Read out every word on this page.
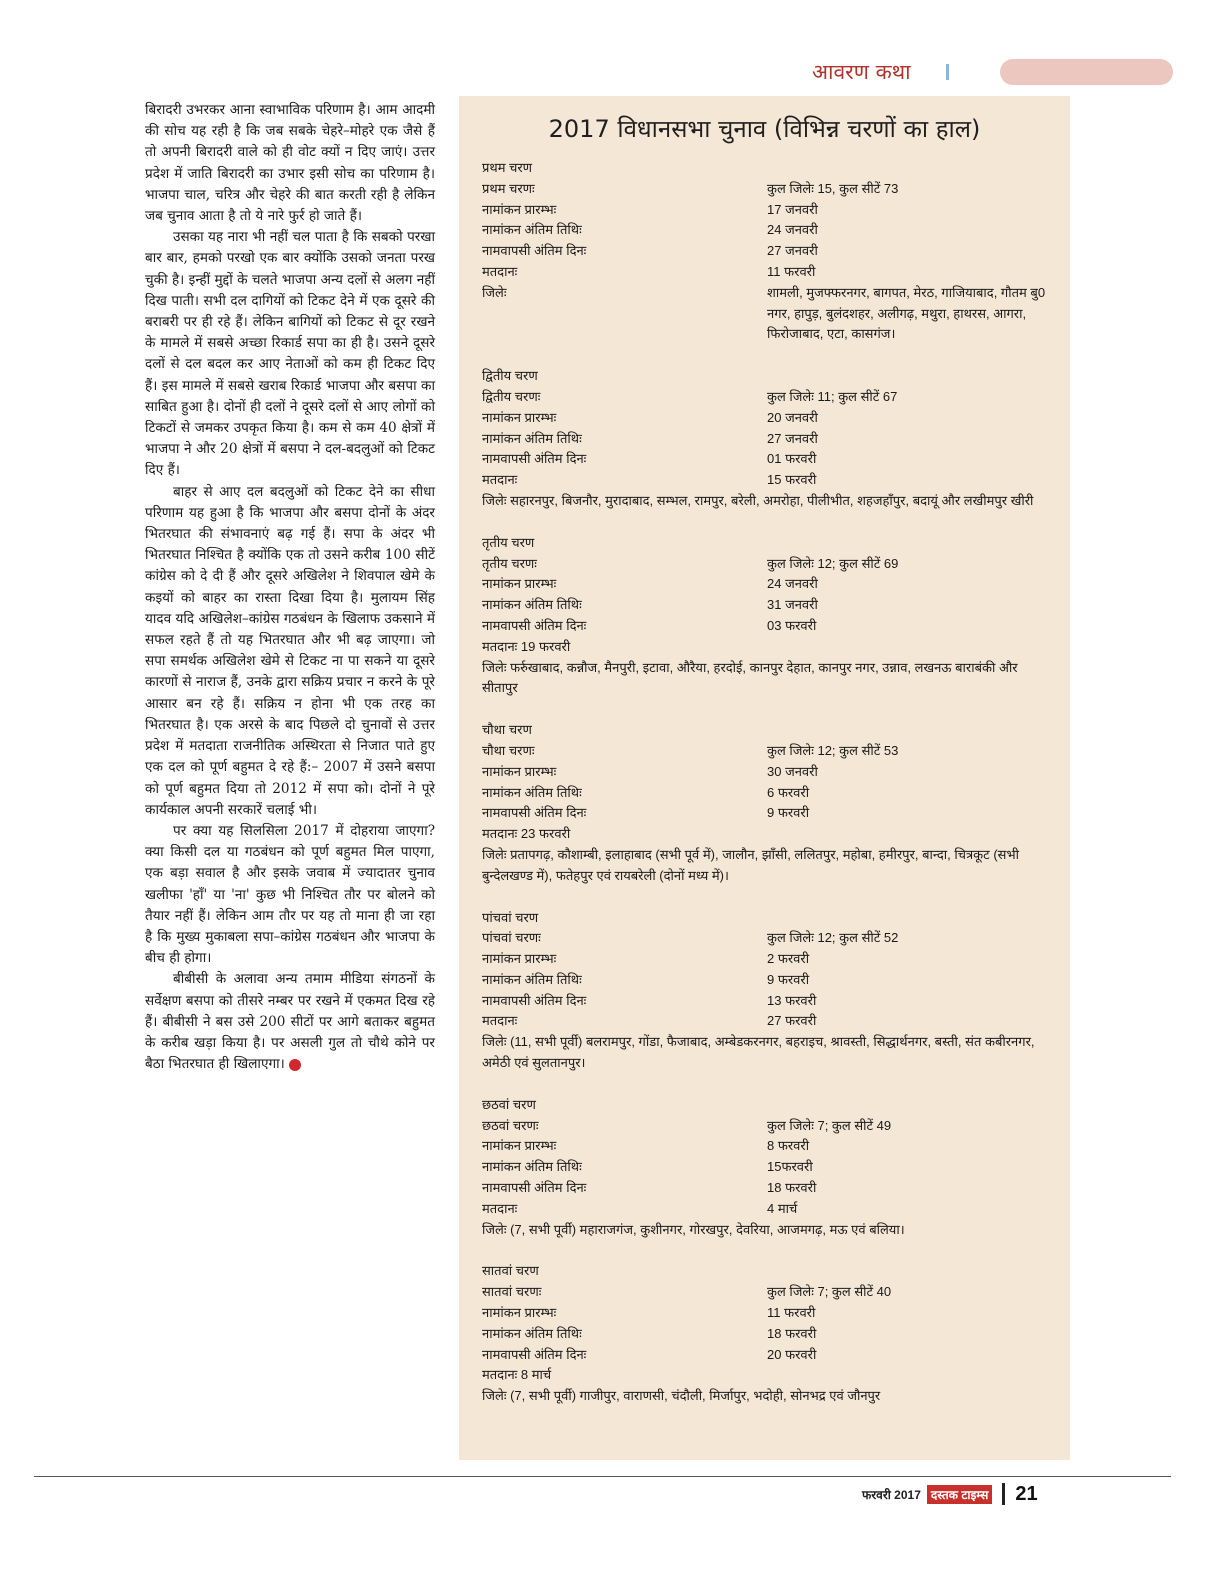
आवरण कथा

बिरादरी उभरकर आना स्वाभाविक परिणाम है। आम आदमी की सोच यह रही है कि जब सबके चेहरे–मोहरे एक जैसे हैं तो अपनी बिरादरी वाले को ही वोट क्यों न दिए जाएं। उत्तर प्रदेश में जाति बिरादरी का उभार इसी सोच का परिणाम है। भाजपा चाल, चरित्र और चेहरे की बात करती रही है लेकिन जब चुनाव आता है तो ये नारे फुर्र हो जाते हैं।

उसका यह नारा भी नहीं चल पाता है कि सबको परखा बार बार, हमको परखो एक बार क्योंकि उसको जनता परख चुकी है। इन्हीं मुद्दों के चलते भाजपा अन्य दलों से अलग नहीं दिख पाती। सभी दल दागियों को टिकट देने में एक दूसरे की बराबरी पर ही रहे हैं। लेकिन बागियों को टिकट से दूर रखने के मामले में सबसे अच्छा रिकार्ड सपा का ही है। उसने दूसरे दलों से दल बदल कर आए नेताओं को कम ही टिकट दिए हैं। इस मामले में सबसे खराब रिकार्ड भाजपा और बसपा का साबित हुआ है। दोनों ही दलों ने दूसरे दलों से आए लोगों को टिकटों से जमकर उपकृत किया है। कम से कम 40 क्षेत्रों में भाजपा ने और 20 क्षेत्रों में बसपा ने दल-बदलुओं को टिकट दिए हैं।

बाहर से आए दल बदलुओं को टिकट देने का सीधा परिणाम यह हुआ है कि भाजपा और बसपा दोनों के अंदर भितरघात की संभावनाएं बढ़ गई हैं। सपा के अंदर भी भितरघात निश्चित है क्योंकि एक तो उसने करीब 100 सीटें कांग्रेस को दे दी हैं और दूसरे अखिलेश ने शिवपाल खेमे के कइयों को बाहर का रास्ता दिखा दिया है। मुलायम सिंह यादव यदि अखिलेश–कांग्रेस गठबंधन के खिलाफ उकसाने में सफल रहते हैं तो यह भितरघात और भी बढ़ जाएगा। जो सपा समर्थक अखिलेश खेमे से टिकट ना पा सकने या दूसरे कारणों से नाराज हैं, उनके द्वारा सक्रिय प्रचार न करने के पूरे आसार बन रहे हैं। सक्रिय न होना भी एक तरह का भितरघात है। एक अरसे के बाद पिछले दो चुनावों से उत्तर प्रदेश में मतदाता राजनीतिक अस्थिरता से निजात पाते हुए एक दल को पूर्ण बहुमत दे रहे हैं:– 2007 में उसने बसपा को पूर्ण बहुमत दिया तो 2012 में सपा को। दोनों ने पूरे कार्यकाल अपनी सरकारें चलाई भी।

पर क्या यह सिलसिला 2017 में दोहराया जाएगा? क्या किसी दल या गठबंधन को पूर्ण बहुमत मिल पाएगा, एक बड़ा सवाल है और इसके जवाब में ज्यादातर चुनाव खलीफा 'हाँ' या 'ना' कुछ भी निश्चित तौर पर बोलने को तैयार नहीं हैं। लेकिन आम तौर पर यह तो माना ही जा रहा है कि मुख्य मुकाबला सपा–कांग्रेस गठबंधन और भाजपा के बीच ही होगा।

बीबीसी के अलावा अन्य तमाम मीडिया संगठनों के सर्वेक्षण बसपा को तीसरे नम्बर पर रखने में एकमत दिख रहे हैं। बीबीसी ने बस उसे 200 सीटों पर आगे बताकर बहुमत के करीब खड़ा किया है। पर असली गुल तो चौथे कोने पर बैठा भितरघात ही खिलाएगा।

2017 विधानसभा चुनाव (विभिन्न चरणों का हाल)
प्रथम चरण
प्रथम चरणः	कुल जिलेः 15, कुल सीटें 73
नामांकन प्रारम्भः	17 जनवरी
नामांकन अंतिम तिथिः	24 जनवरी
नामवापसी अंतिम दिनः	27 जनवरी
मतदानः	11 फरवरी
जिलेः	शामली, मुजफ्फरनगर, बागपत, मेरठ, गाजियाबाद, गौतम बु0 नगर, हापुड़, बुलंदशहर, अलीगढ़, मथुरा, हाथरस, आगरा, फिरोजाबाद, एटा, कासगंज।
द्वितीय चरण
द्वितीय चरणः	कुल जिलेः 11; कुल सीटें 67
नामांकन प्रारम्भः	20 जनवरी
नामांकन अंतिम तिथिः	27 जनवरी
नामवापसी अंतिम दिनः	01 फरवरी
मतदानः	15 फरवरी
जिलेः सहारनपुर, बिजनौर, मुरादाबाद, सम्भल, रामपुर, बरेली, अमरोहा, पीलीभीत, शहजहाँपुर, बदायूं और लखीमपुर खीरी
तृतीय चरण
तृतीय चरणः	कुल जिलेः 12; कुल सीटें 69
नामांकन प्रारम्भः	24 जनवरी
नामांकन अंतिम तिथिः	31 जनवरी
नामवापसी अंतिम दिनः	03 फरवरी
मतदानः 19 फरवरी
जिलेः फर्रुखाबाद, कन्नौज, मैनपुरी, इटावा, औरैया, हरदोई, कानपुर देहात, कानपुर नगर, उन्नाव, लखनऊ बाराबंकी और सीतापुर
चौथा चरण
चौथा चरणः	कुल जिलेः 12; कुल सीटें 53
नामांकन प्रारम्भः	30 जनवरी
नामांकन अंतिम तिथिः	6 फरवरी
नामवापसी अंतिम दिनः	9 फरवरी
मतदानः 23 फरवरी
जिलेः प्रतापगढ़, कौशाम्बी, इलाहाबाद (सभी पूर्व में), जालौन, झाँसी, ललितपुर, महोबा, हमीरपुर, बान्दा, चित्रकूट (सभी बुन्देलखण्ड में), फतेहपुर एवं रायबरेली (दोनों मध्य में)।
पांचवां चरण
पांचवां चरणः	कुल जिलेः 12; कुल सीटें 52
नामांकन प्रारम्भः	2 फरवरी
नामांकन अंतिम तिथिः	9 फरवरी
नामवापसी अंतिम दिनः	13 फरवरी
मतदानः	27 फरवरी
जिलेः (11, सभी पूर्वी) बलरामपुर, गोंडा, फैजाबाद, अम्बेडकरनगर, बहराइच, श्रावस्ती, सिद्धार्थनगर, बस्ती, संत कबीरनगर, अमेठी एवं सुलतानपुर।
छठवां चरण
छठवां चरणः	कुल जिलेः 7; कुल सीटें 49
नामांकन प्रारम्भः	8 फरवरी
नामांकन अंतिम तिथिः	15फरवरी
नामवापसी अंतिम दिनः	18 फरवरी
मतदानः	4 मार्च
जिलेः (7, सभी पूर्वी) महाराजगंज, कुशीनगर, गोरखपुर, देवरिया, आजमगढ़, मऊ एवं बलिया।
सातवां चरण
सातवां चरणः	कुल जिलेः 7; कुल सीटें 40
नामांकन प्रारम्भः	11 फरवरी
नामांकन अंतिम तिथिः	18 फरवरी
नामवापसी अंतिम दिनः	20 फरवरी
मतदानः 8 मार्च
जिलेः (7, सभी पूर्वी) गाजीपुर, वाराणसी, चंदौली, मिर्जापुर, भदोही, सोनभद्र एवं जौनपुर
फरवरी 2017 दस्तक टाइम्स 21
